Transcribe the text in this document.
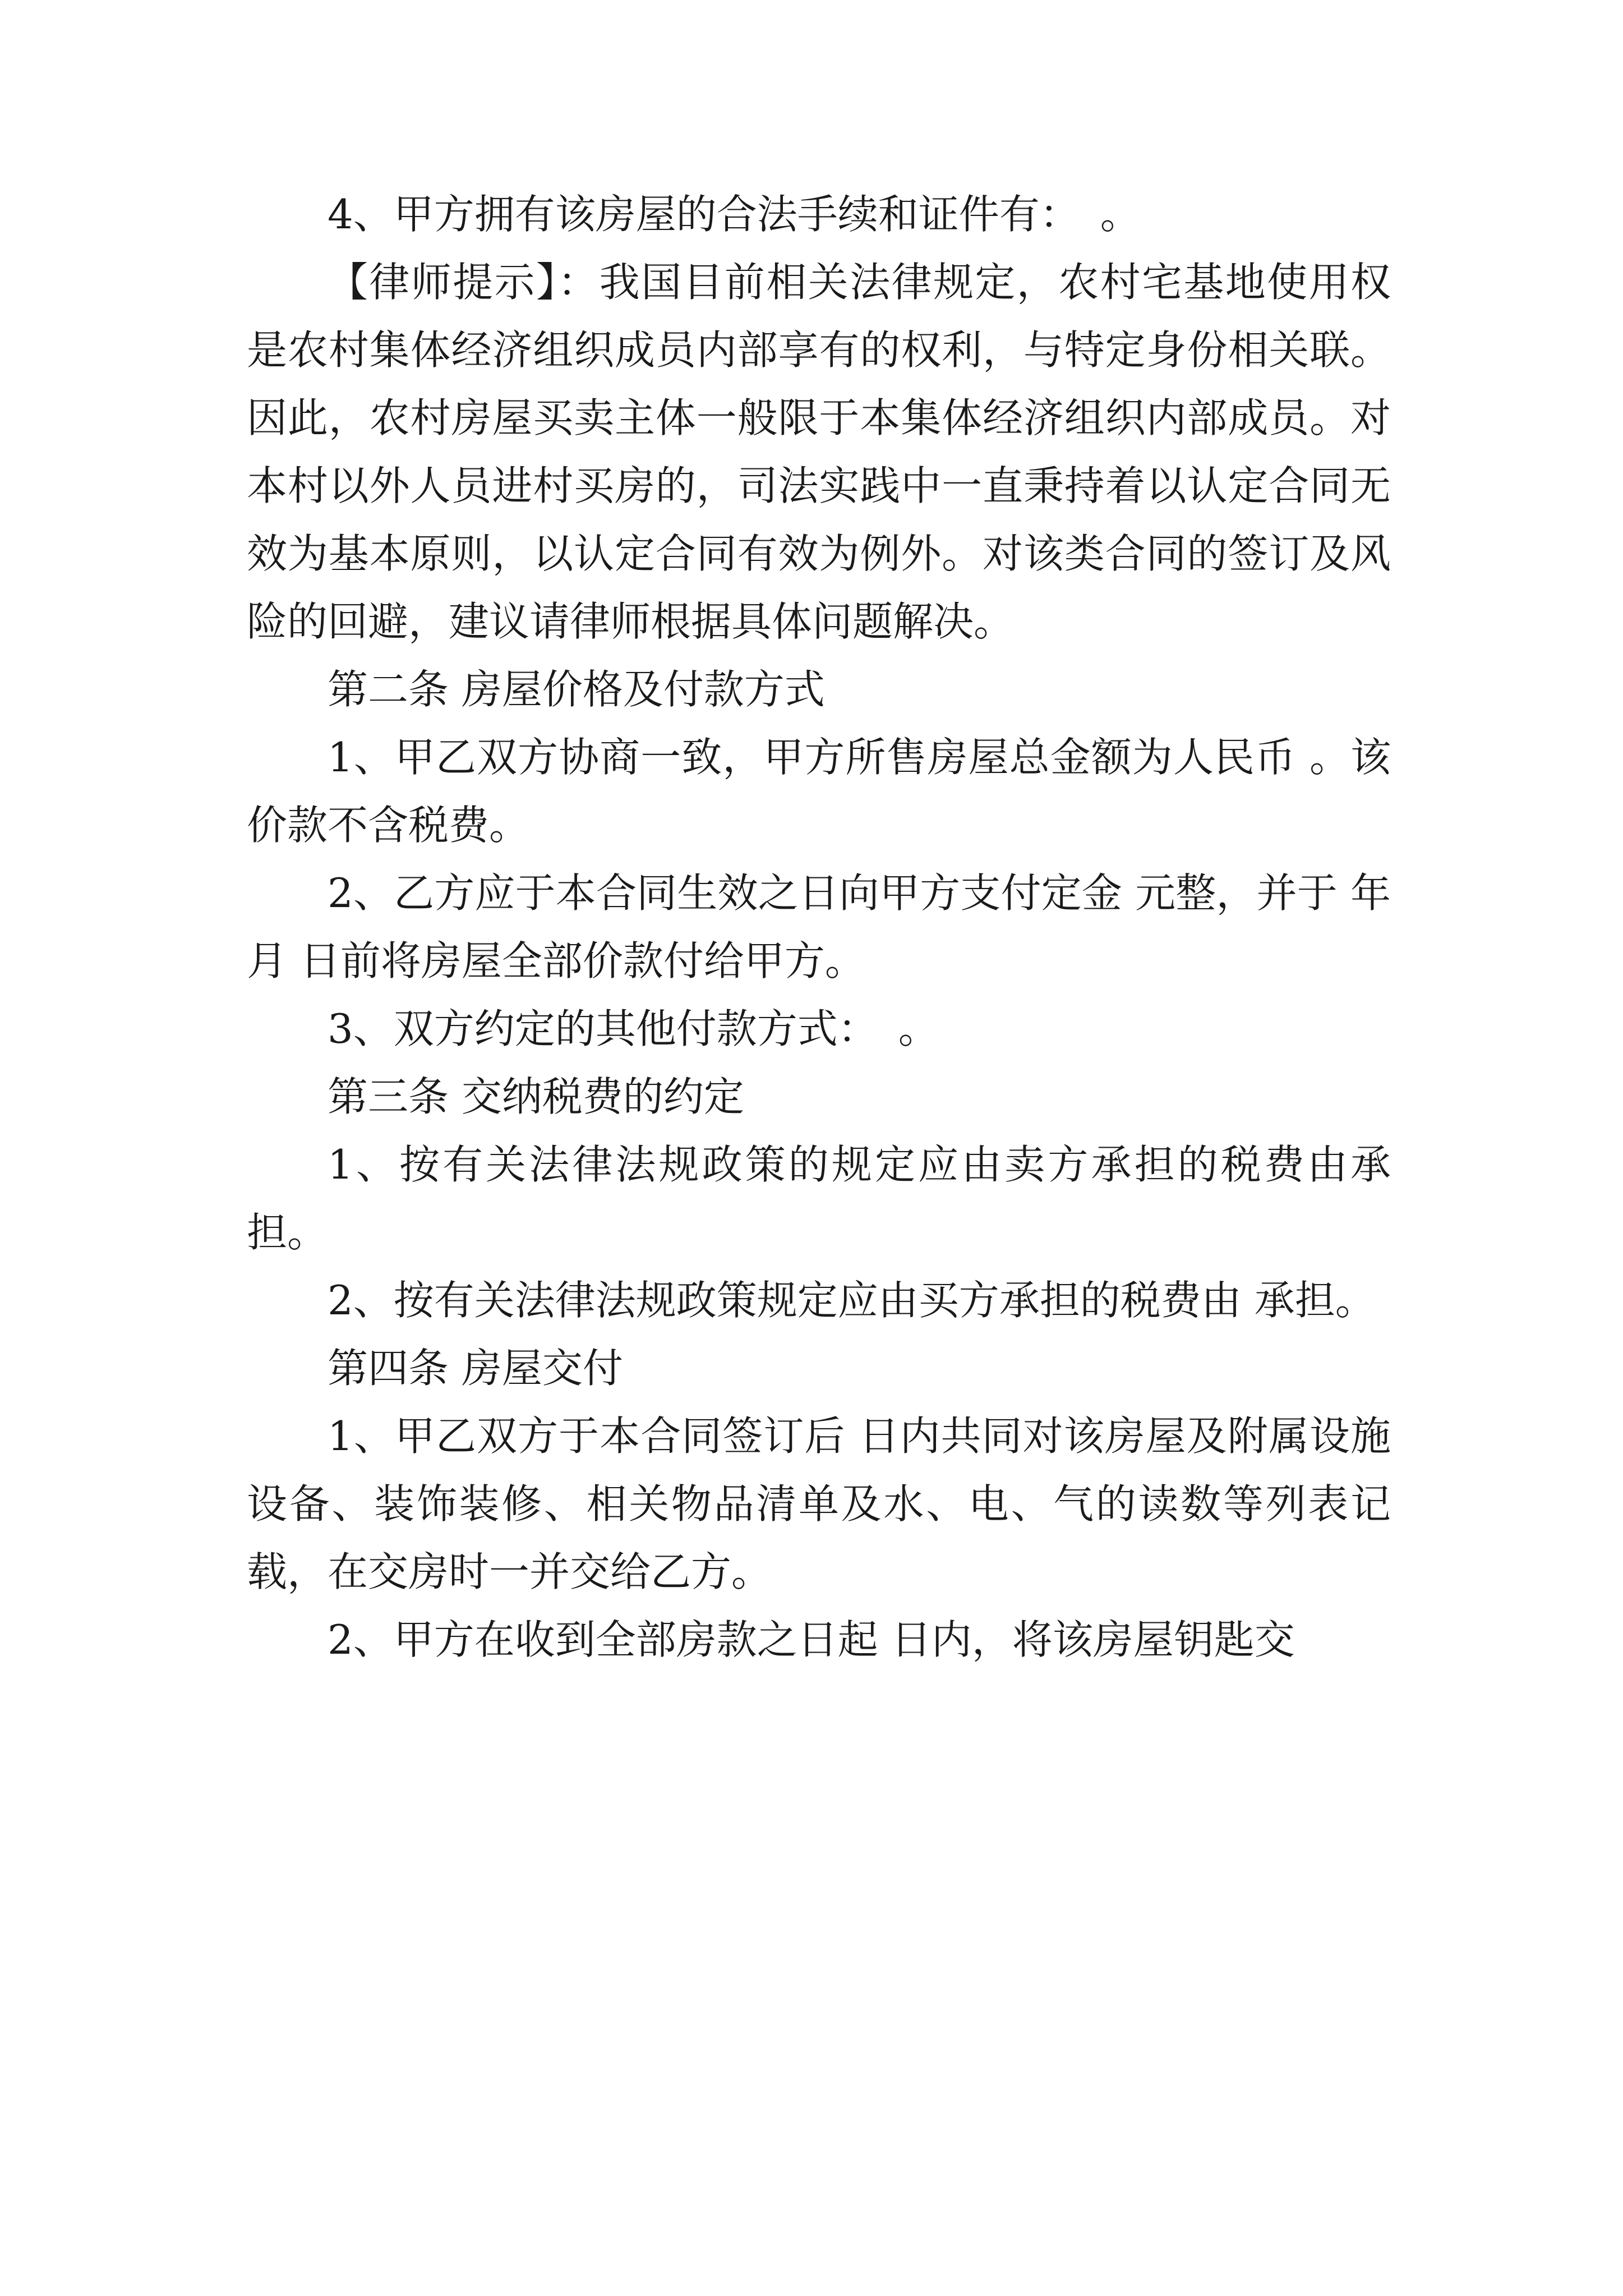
4、甲方拥有该房屋的合法手续和证件有：　。

【律师提示】：我国目前相关法律规定，农村宅基地使用权是农村集体经济组织成员内部享有的权利，与特定身份相关联。因此，农村房屋买卖主体一般限于本集体经济组织内部成员。对本村以外人员进村买房的，司法实践中一直秉持着以认定合同无效为基本原则，以认定合同有效为例外。对该类合同的签订及风险的回避，建议请律师根据具体问题解决。

第二条 房屋价格及付款方式

1、甲乙双方协商一致，甲方所售房屋总金额为人民币 。该价款不含税费。

2、乙方应于本合同生效之日向甲方支付定金 元整，并于 年 月 日前将房屋全部价款付给甲方。

3、双方约定的其他付款方式：　。

第三条 交纳税费的约定

1、按有关法律法规政策的规定应由卖方承担的税费由承担。

2、按有关法律法规政策规定应由买方承担的税费由 承担。

第四条 房屋交付

1、甲乙双方于本合同签订后 日内共同对该房屋及附属设施设备、装饰装修、相关物品清单及水、电、气的读数等列表记载，在交房时一并交给乙方。

2、甲方在收到全部房款之日起 日内，将该房屋钥匙交
